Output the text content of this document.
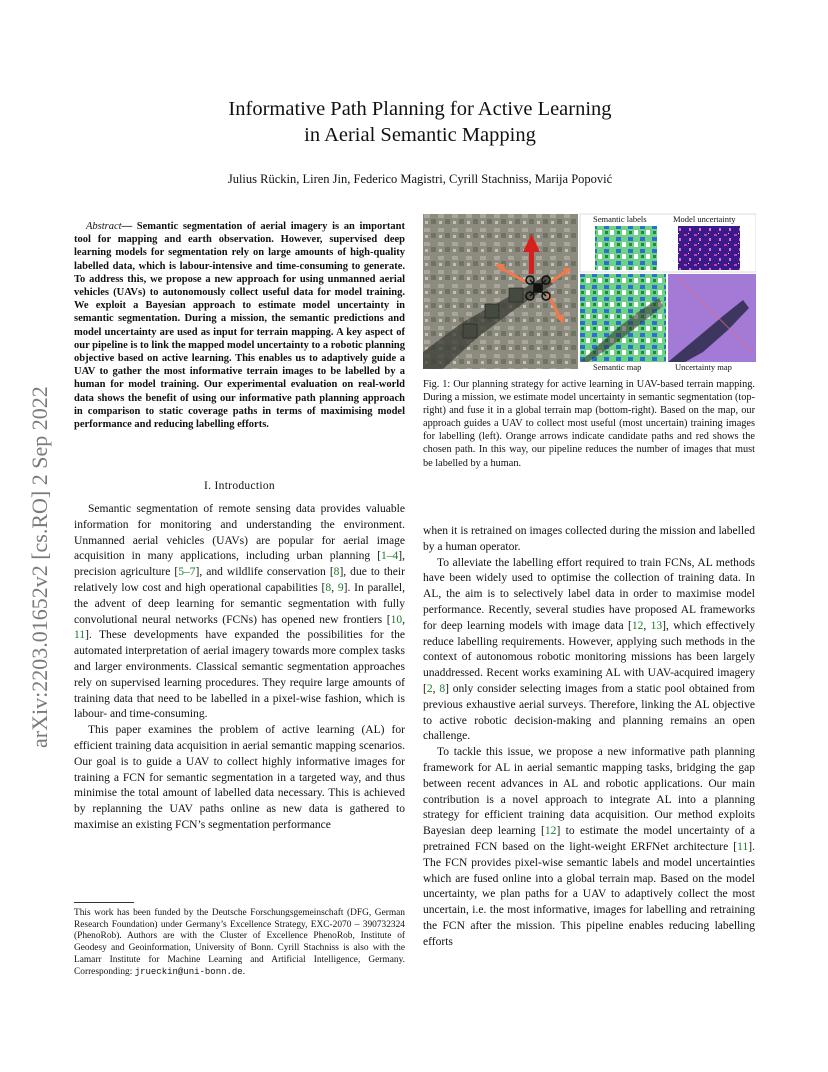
arXiv:2203.01652v2 [cs.RO] 2 Sep 2022
Informative Path Planning for Active Learning
in Aerial Semantic Mapping
Julius Rückin, Liren Jin, Federico Magistri, Cyrill Stachniss, Marija Popović
Abstract— Semantic segmentation of aerial imagery is an important tool for mapping and earth observation. However, supervised deep learning models for segmentation rely on large amounts of high-quality labelled data, which is labour-intensive and time-consuming to generate. To address this, we propose a new approach for using unmanned aerial vehicles (UAVs) to autonomously collect useful data for model training. We exploit a Bayesian approach to estimate model uncertainty in semantic segmentation. During a mission, the semantic predictions and model uncertainty are used as input for terrain mapping. A key aspect of our pipeline is to link the mapped model uncertainty to a robotic planning objective based on active learning. This enables us to adaptively guide a UAV to gather the most informative terrain images to be labelled by a human for model training. Our experimental evaluation on real-world data shows the benefit of using our informative path planning approach in comparison to static coverage paths in terms of maximising model performance and reducing labelling efforts.
I. Introduction

Semantic segmentation of remote sensing data provides valuable information for monitoring and understanding the environment. Unmanned aerial vehicles (UAVs) are popular for aerial image acquisition in many applications, including urban planning [1–4], precision agriculture [5–7], and wildlife conservation [8], due to their relatively low cost and high operational capabilities [8, 9]. In parallel, the advent of deep learning for semantic segmentation with fully convolutional neural networks (FCNs) has opened new frontiers [10, 11]. These developments have expanded the possibilities for the automated interpretation of aerial imagery towards more complex tasks and larger environments. Classical semantic segmentation approaches rely on supervised learning procedures. They require large amounts of training data that need to be labelled in a pixel-wise fashion, which is labour- and time-consuming.

This paper examines the problem of active learning (AL) for efficient training data acquisition in aerial semantic mapping scenarios. Our goal is to guide a UAV to collect highly informative images for training a FCN for semantic segmentation in a targeted way, and thus minimise the total amount of labelled data necessary. This is achieved by replanning the UAV paths online as new data is gathered to maximise an existing FCN’s segmentation performance

This work has been funded by the Deutsche Forschungsgemeinschaft (DFG, German Research Foundation) under Germany’s Excellence Strategy, EXC-2070 – 390732324 (PhenoRob). Authors are with the Cluster of Excellence PhenoRob, Institute of Geodesy and Geoinformation, University of Bonn. Cyrill Stachniss is also with the Lamarr Institute for Machine Learning and Artificial Intelligence, Germany. Corresponding: jrueckin@uni-bonn.de.
Semantic labels	Model uncertainty
Semantic map	Uncertainty map
Fig. 1: Our planning strategy for active learning in UAV-based terrain mapping. During a mission, we estimate model uncertainty in semantic segmentation (top-right) and fuse it in a global terrain map (bottom-right). Based on the map, our approach guides a UAV to collect most useful (most uncertain) training images for labelling (left). Orange arrows indicate candidate paths and red shows the chosen path. In this way, our pipeline reduces the number of images that must be labelled by a human.

when it is retrained on images collected during the mission and labelled by a human operator.

To alleviate the labelling effort required to train FCNs, AL methods have been widely used to optimise the collection of training data. In AL, the aim is to selectively label data in order to maximise model performance. Recently, several studies have proposed AL frameworks for deep learning models with image data [12, 13], which effectively reduce labelling requirements. However, applying such methods in the context of autonomous robotic monitoring missions has been largely unaddressed. Recent works examining AL with UAV-acquired imagery [2, 8] only consider selecting images from a static pool obtained from previous exhaustive aerial surveys. Therefore, linking the AL objective to active robotic decision-making and planning remains an open challenge.

To tackle this issue, we propose a new informative path planning framework for AL in aerial semantic mapping tasks, bridging the gap between recent advances in AL and robotic applications. Our main contribution is a novel approach to integrate AL into a planning strategy for efficient training data acquisition. Our method exploits Bayesian deep learning [12] to estimate the model uncertainty of a pretrained FCN based on the light-weight ERFNet architecture [11]. The FCN provides pixel-wise semantic labels and model uncertainties which are fused online into a global terrain map. Based on the model uncertainty, we plan paths for a UAV to adaptively collect the most uncertain, i.e. the most informative, images for labelling and retraining the FCN after the mission. This pipeline enables reducing labelling efforts
